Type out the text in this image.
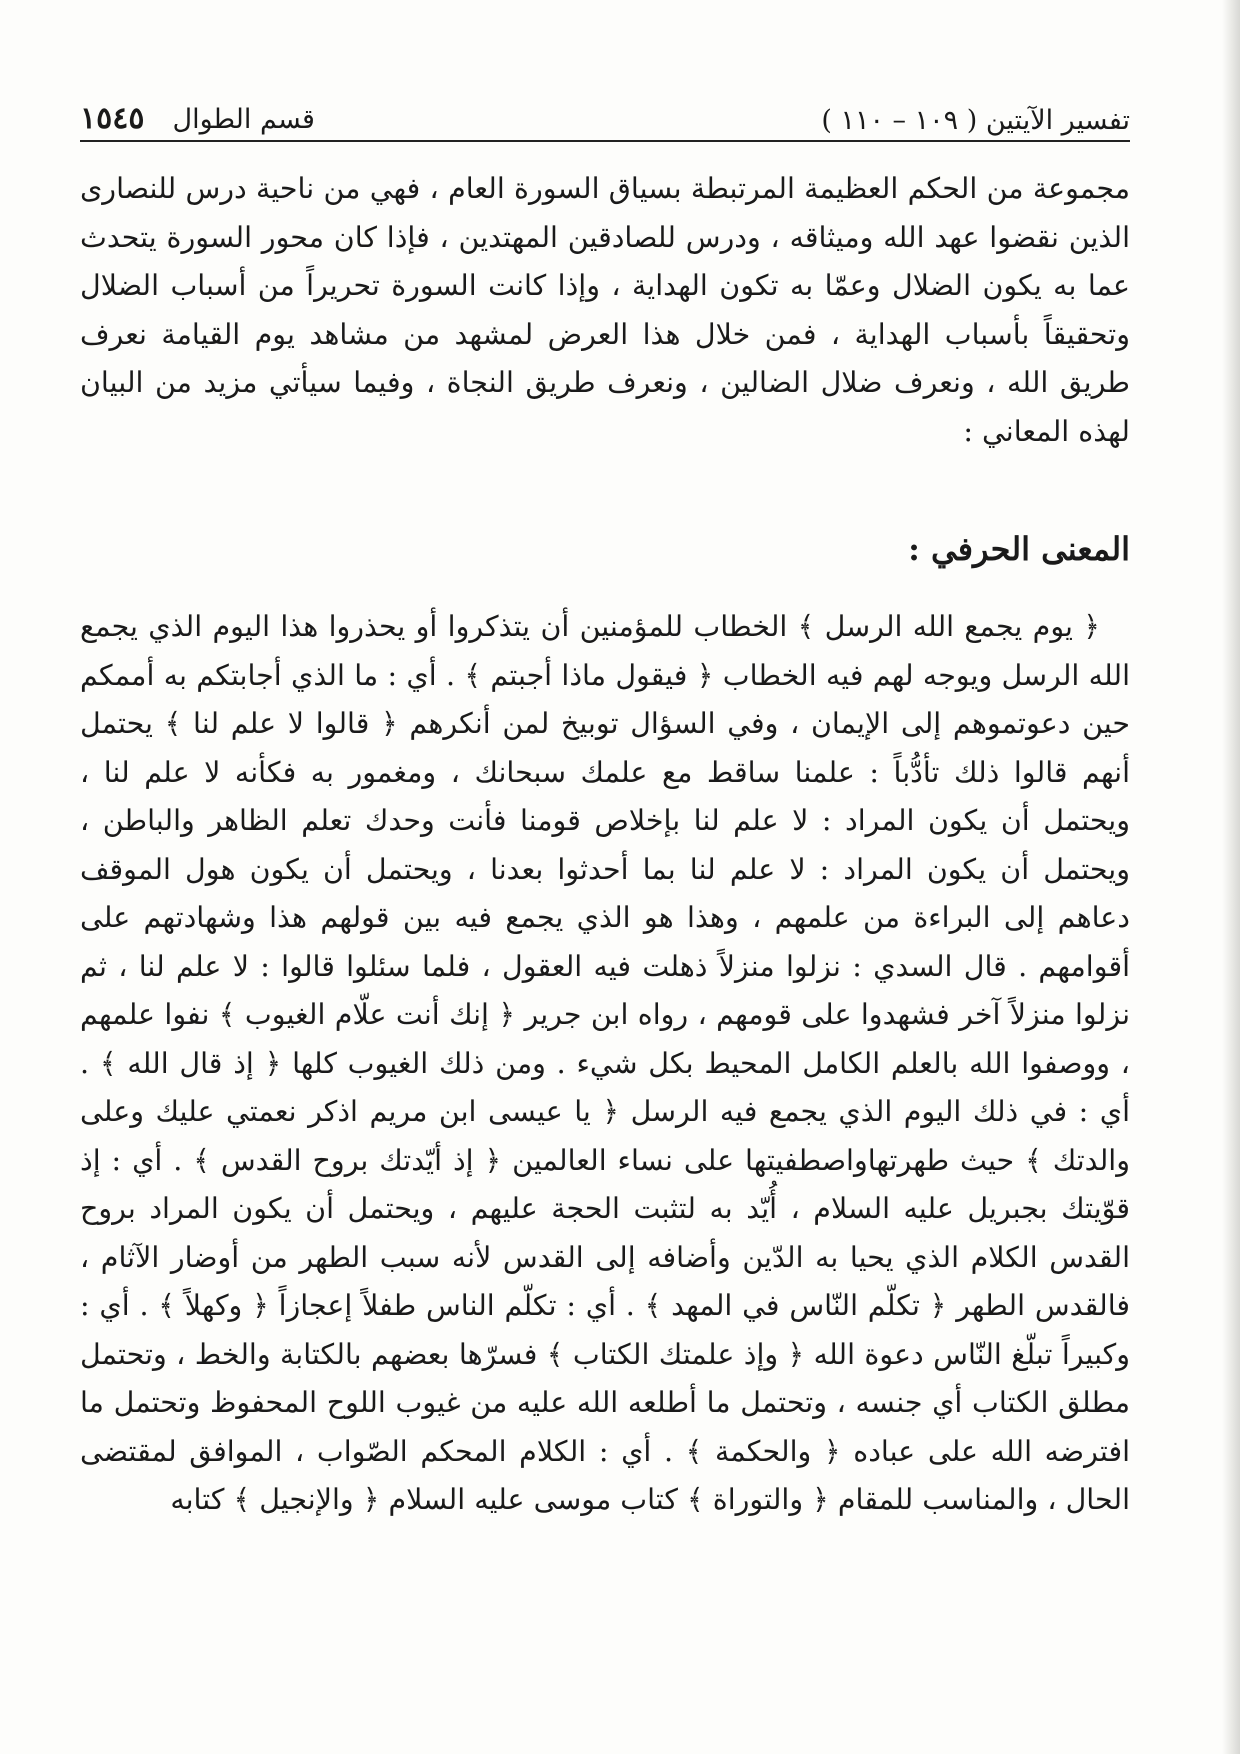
تفسير الآيتين ( ١٠٩ – ١١٠ )
قسم الطوال
١٥٤٥

مجموعة من الحكم العظيمة المرتبطة بسياق السورة العام ، فهي من ناحية درس للنصارى الذين نقضوا عهد الله وميثاقه ، ودرس للصادقين المهتدين ، فإذا كان محور السورة يتحدث عما به يكون الضلال وعمّا به تكون الهداية ، وإذا كانت السورة تحريراً من أسباب الضلال وتحقيقاً بأسباب الهداية ، فمن خلال هذا العرض لمشهد من مشاهد يوم القيامة نعرف طريق الله ، ونعرف ضلال الضالين ، ونعرف طريق النجاة ، وفيما سيأتي مزيد من البيان لهذه المعاني :

المعنى الحرفي :

﴿ يوم يجمع الله الرسل ﴾ الخطاب للمؤمنين أن يتذكروا أو يحذروا هذا اليوم الذي يجمع الله الرسل ويوجه لهم فيه الخطاب ﴿ فيقول ماذا أجبتم ﴾ . أي : ما الذي أجابتكم به أممكم حين دعوتموهم إلى الإيمان ، وفي السؤال توبيخ لمن أنكرهم ﴿ قالوا لا علم لنا ﴾ يحتمل أنهم قالوا ذلك تأدُّباً : علمنا ساقط مع علمك سبحانك ، ومغمور به فكأنه لا علم لنا ، ويحتمل أن يكون المراد : لا علم لنا بإخلاص قومنا فأنت وحدك تعلم الظاهر والباطن ، ويحتمل أن يكون المراد : لا علم لنا بما أحدثوا بعدنا ، ويحتمل أن يكون هول الموقف دعاهم إلى البراءة من علمهم ، وهذا هو الذي يجمع فيه بين قولهم هذا وشهادتهم على أقوامهم . قال السدي : نزلوا منزلاً ذهلت فيه العقول ، فلما سئلوا قالوا : لا علم لنا ، ثم نزلوا منزلاً آخر فشهدوا على قومهم ، رواه ابن جرير ﴿ إنك أنت علّام الغيوب ﴾ نفوا علمهم ، ووصفوا الله بالعلم الكامل المحيط بكل شيء . ومن ذلك الغيوب كلها ﴿ إذ قال الله ﴾ . أي : في ذلك اليوم الذي يجمع فيه الرسل ﴿ يا عيسى ابن مريم اذكر نعمتي عليك وعلى والدتك ﴾ حيث طهرتهاواصطفيتها على نساء العالمين ﴿ إذ أيّدتك بروح القدس ﴾ . أي : إذ قوّيتك بجبريل عليه السلام ، أُيّد به لتثبت الحجة عليهم ، ويحتمل أن يكون المراد بروح القدس الكلام الذي يحيا به الدّين وأضافه إلى القدس لأنه سبب الطهر من أوضار الآثام ، فالقدس الطهر ﴿ تكلّم النّاس في المهد ﴾ . أي : تكلّم الناس طفلاً إعجازاً ﴿ وكهلاً ﴾ . أي : وكبيراً تبلّغ النّاس دعوة الله ﴿ وإذ علمتك الكتاب ﴾ فسرّها بعضهم بالكتابة والخط ، وتحتمل مطلق الكتاب أي جنسه ، وتحتمل ما أطلعه الله عليه من غيوب اللوح المحفوظ وتحتمل ما افترضه الله على عباده ﴿ والحكمة ﴾ . أي : الكلام المحكم الصّواب ، الموافق لمقتضى الحال ، والمناسب للمقام ﴿ والتوراة ﴾ كتاب موسى عليه السلام ﴿ والإنجيل ﴾ كتابه
